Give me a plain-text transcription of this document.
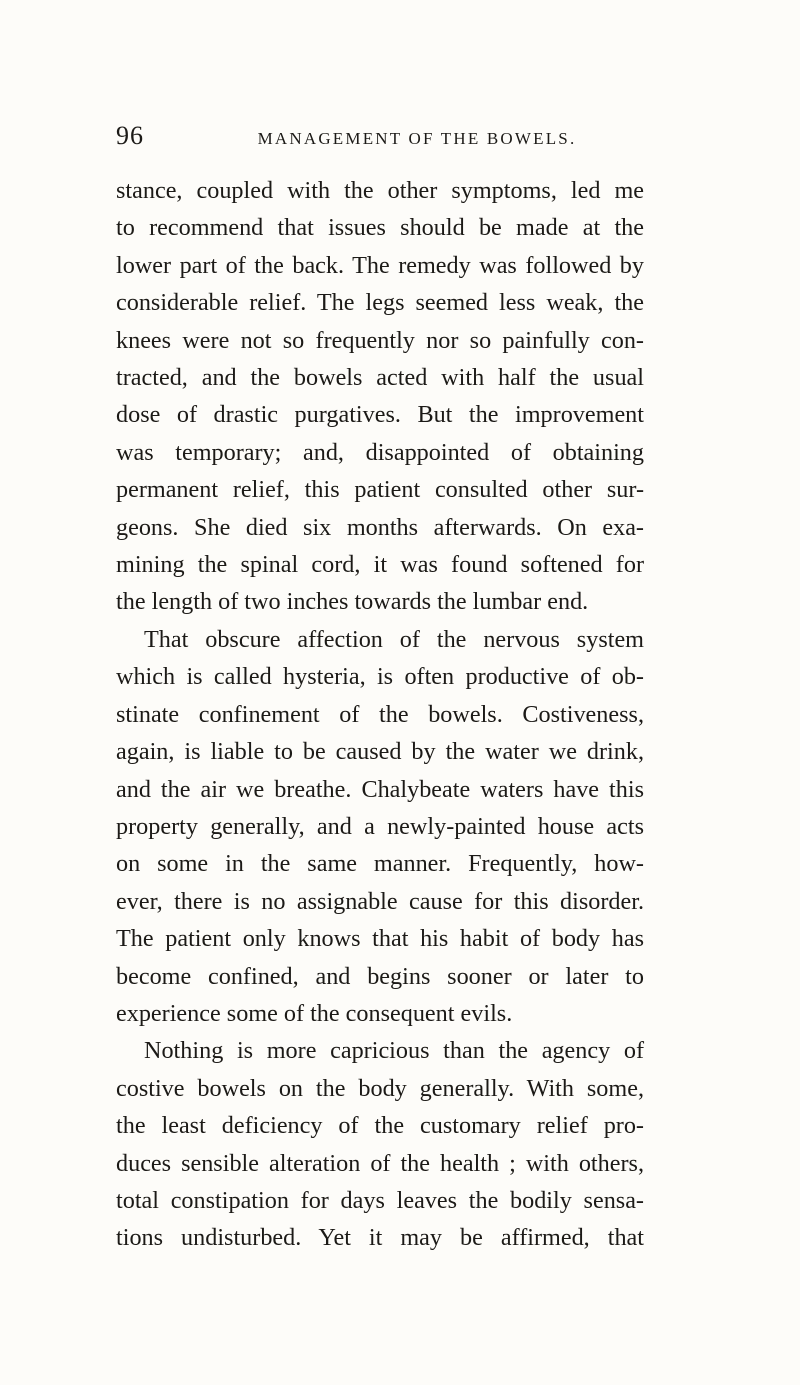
96	MANAGEMENT OF THE BOWELS.

stance, coupled with the other symptoms, led me
to recommend that issues should be made at the
lower part of the back. The remedy was followed by
considerable relief. The legs seemed less weak, the
knees were not so frequently nor so painfully con-
tracted, and the bowels acted with half the usual
dose of drastic purgatives. But the improvement
was temporary; and, disappointed of obtaining
permanent relief, this patient consulted other sur-
geons. She died six months afterwards. On exa-
mining the spinal cord, it was found softened for
the length of two inches towards the lumbar end.

That obscure affection of the nervous system
which is called hysteria, is often productive of ob-
stinate confinement of the bowels. Costiveness,
again, is liable to be caused by the water we drink,
and the air we breathe. Chalybeate waters have this
property generally, and a newly-painted house acts
on some in the same manner. Frequently, how-
ever, there is no assignable cause for this disorder.
The patient only knows that his habit of body has
become confined, and begins sooner or later to
experience some of the consequent evils.

Nothing is more capricious than the agency of
costive bowels on the body generally. With some,
the least deficiency of the customary relief pro-
duces sensible alteration of the health ; with others,
total constipation for days leaves the bodily sensa-
tions undisturbed. Yet it may be affirmed, that
